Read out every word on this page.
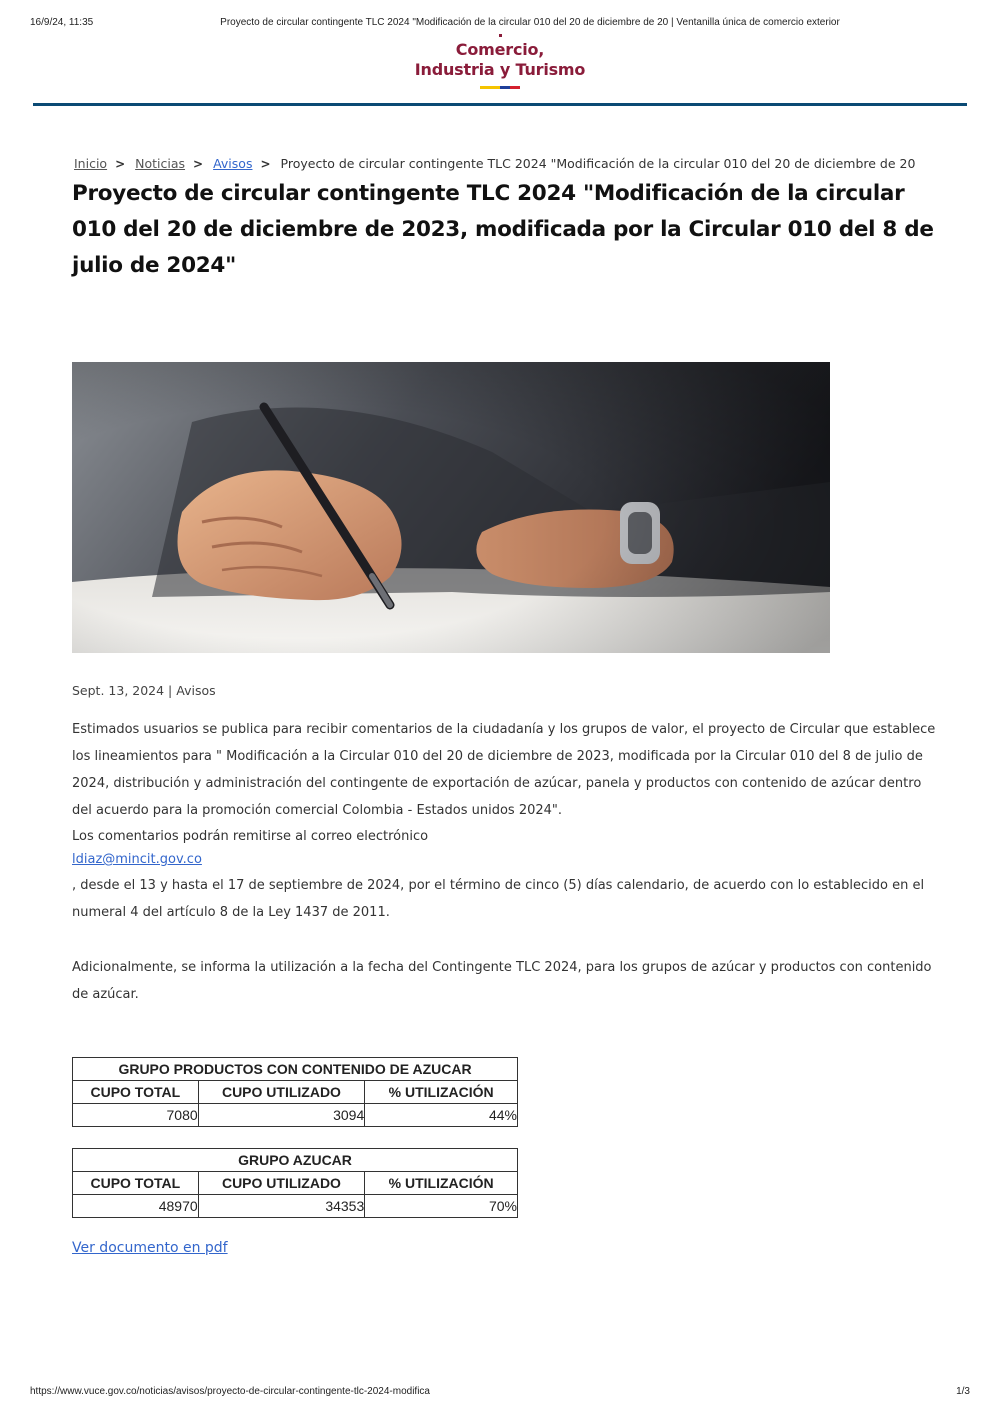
16/9/24, 11:35	Proyecto de circular contingente TLC 2024 "Modificación de la circular 010 del 20 de diciembre de 20 | Ventanilla única de comercio exterior
Comercio,
Industria y Turismo
Inicio > Noticias > Avisos > Proyecto de circular contingente TLC 2024 "Modificación de la circular 010 del 20 de diciembre de 20
Proyecto de circular contingente TLC 2024 "Modificación de la circular 010 del 20 de diciembre de 2023, modificada por la Circular 010 del 8 de julio de 2024"
Sept. 13, 2024 | Avisos

Estimados usuarios se publica para recibir comentarios de la ciudadanía y los grupos de valor, el proyecto de Circular que establece los lineamientos para " Modificación a la Circular 010 del 20 de diciembre de 2023, modificada por la Circular 010 del 8 de julio de 2024, distribución y administración del contingente de exportación de azúcar, panela y productos con contenido de azúcar dentro del acuerdo para la promoción comercial Colombia - Estados unidos 2024".

Los comentarios podrán remitirse al correo electrónico
ldiaz@mincit.gov.co
, desde el 13 y hasta el 17 de septiembre de 2024, por el término de cinco (5) días calendario, de acuerdo con lo establecido en el numeral 4 del artículo 8 de la Ley 1437 de 2011.

Adicionalmente, se informa la utilización a la fecha del Contingente TLC 2024, para los grupos de azúcar y productos con contenido de azúcar.

GRUPO PRODUCTOS CON CONTENIDO DE AZUCAR		
CUPO TOTAL	CUPO UTILIZADO	% UTILIZACIÓN
7080	3094	44%
GRUPO AZUCAR		
CUPO TOTAL	CUPO UTILIZADO	% UTILIZACIÓN
48970	34353	70%
Ver documento en pdf
https://www.vuce.gov.co/noticias/avisos/proyecto-de-circular-contingente-tlc-2024-modifica	1/3
